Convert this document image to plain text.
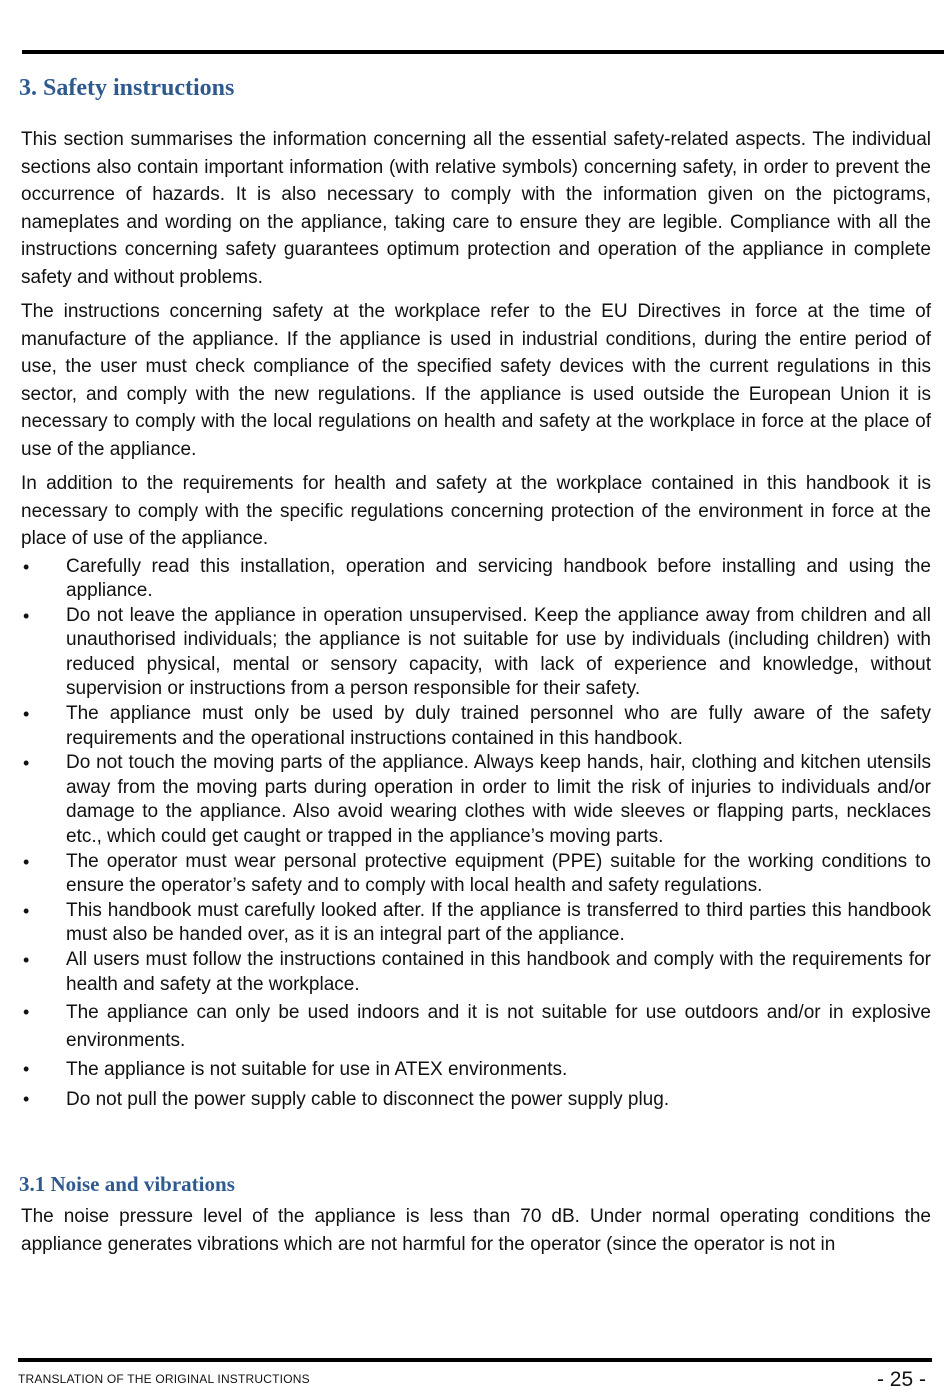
3. Safety instructions

This section summarises the information concerning all the essential safety-related aspects. The individual sections also contain important information (with relative symbols) concerning safety, in order to prevent the occurrence of hazards. It is also necessary to comply with the information given on the pictograms, nameplates and wording on the appliance, taking care to ensure they are legible. Compliance with all the instructions concerning safety guarantees optimum protection and operation of the appliance in complete safety and without problems.

The instructions concerning safety at the workplace refer to the EU Directives in force at the time of manufacture of the appliance. If the appliance is used in industrial conditions, during the entire period of use, the user must check compliance of the specified safety devices with the current regulations in this sector, and comply with the new regulations. If the appliance is used outside the European Union it is necessary to comply with the local regulations on health and safety at the workplace in force at the place of use of the appliance.

In addition to the requirements for health and safety at the workplace contained in this handbook it is necessary to comply with the specific regulations concerning protection of the environment in force at the place of use of the appliance.

•	Carefully read this installation, operation and servicing handbook before installing and using the appliance.
•	Do not leave the appliance in operation unsupervised. Keep the appliance away from children and all unauthorised individuals; the appliance is not suitable for use by individuals (including children) with reduced physical, mental or sensory capacity, with lack of experience and knowledge, without supervision or instructions from a person responsible for their safety.
•	The appliance must only be used by duly trained personnel who are fully aware of the safety requirements and the operational instructions contained in this handbook.
•	Do not touch the moving parts of the appliance. Always keep hands, hair, clothing and kitchen utensils away from the moving parts during operation in order to limit the risk of injuries to individuals and/or damage to the appliance. Also avoid wearing clothes with wide sleeves or flapping parts, necklaces etc., which could get caught or trapped in the appliance’s moving parts.
•	The operator must wear personal protective equipment (PPE) suitable for the working conditions to ensure the operator’s safety and to comply with local health and safety regulations.
•	This handbook must carefully looked after. If the appliance is transferred to third parties this handbook must also be handed over, as it is an integral part of the appliance.
•	All users must follow the instructions contained in this handbook and comply with the requirements for health and safety at the workplace.
•	The appliance can only be used indoors and it is not suitable for use outdoors and/or in explosive environments.
•	The appliance is not suitable for use in ATEX environments.
•	Do not pull the power supply cable to disconnect the power supply plug.
3.1 Noise and vibrations

The noise pressure level of the appliance is less than 70 dB. Under normal operating conditions the appliance generates vibrations which are not harmful for the operator (since the operator is not in

TRANSLATION OF THE ORIGINAL INSTRUCTIONS	- 25 -
